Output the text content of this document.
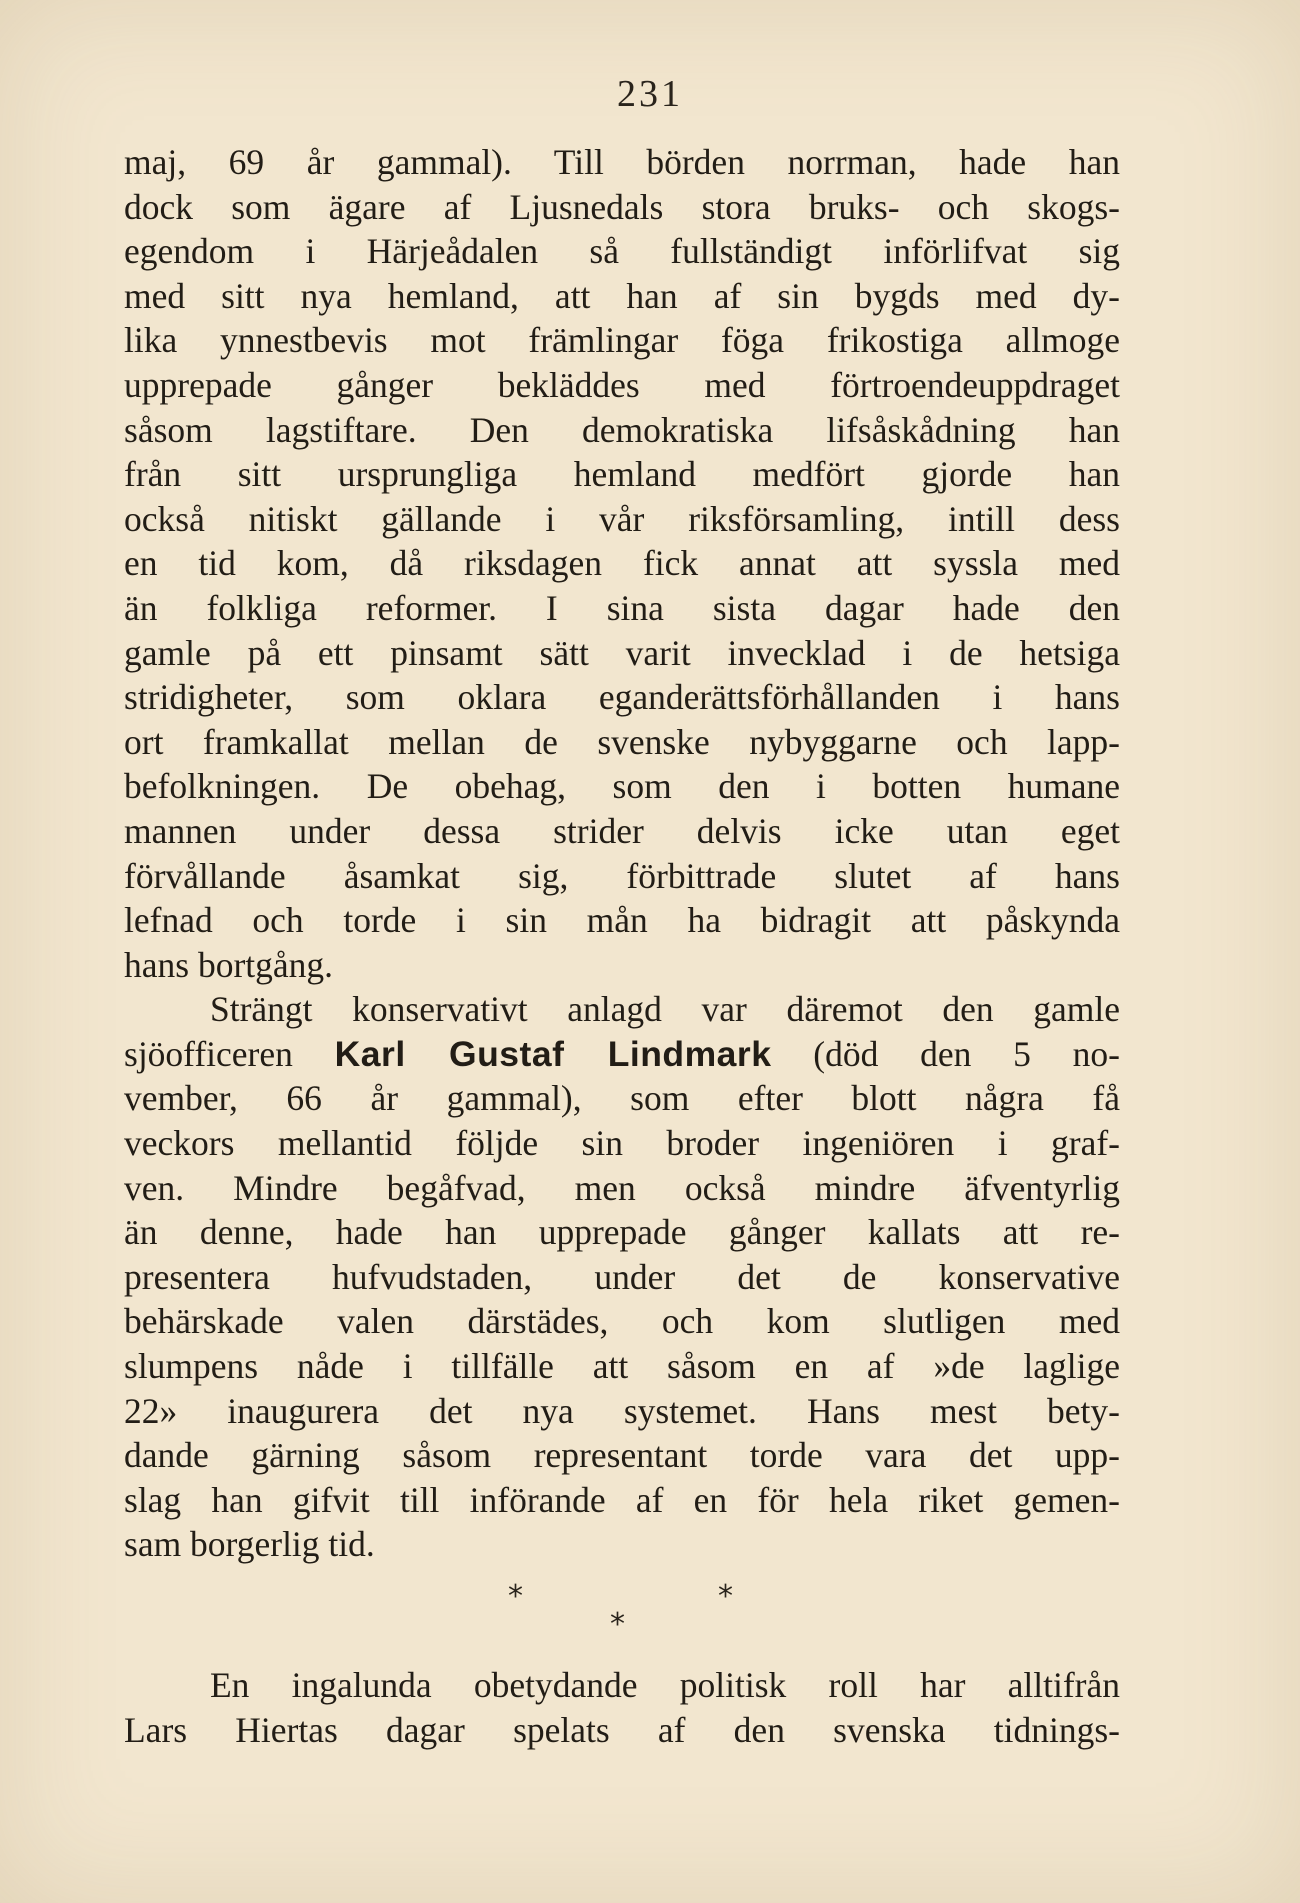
231
maj, 69 år gammal). Till börden norrman, hade han
dock som ägare af Ljusnedals stora bruks- och skogs-
egendom i Härjeådalen så fullständigt införlifvat sig
med sitt nya hemland, att han af sin bygds med dy-
lika ynnestbevis mot främlingar föga frikostiga allmoge
upprepade gånger bekläddes med förtroendeuppdraget
såsom lagstiftare. Den demokratiska lifsåskådning han
från sitt ursprungliga hemland medfört gjorde han
också nitiskt gällande i vår riksförsamling, intill dess
en tid kom, då riksdagen fick annat att syssla med
än folkliga reformer. I sina sista dagar hade den
gamle på ett pinsamt sätt varit invecklad i de hetsiga
stridigheter, som oklara eganderättsförhållanden i hans
ort framkallat mellan de svenske nybyggarne och lapp-
befolkningen. De obehag, som den i botten humane
mannen under dessa strider delvis icke utan eget
förvållande åsamkat sig, förbittrade slutet af hans
lefnad och torde i sin mån ha bidragit att påskynda
hans bortgång.
Strängt konservativt anlagd var däremot den gamle
sjöofficeren Karl Gustaf Lindmark (död den 5 no-
vember, 66 år gammal), som efter blott några få
veckors mellantid följde sin broder ingeniören i graf-
ven. Mindre begåfvad, men också mindre äfventyrlig
än denne, hade han upprepade gånger kallats att re-
presentera hufvudstaden, under det de konservative
behärskade valen därstädes, och kom slutligen med
slumpens nåde i tillfälle att såsom en af »de laglige
22» inaugurera det nya systemet. Hans mest bety-
dande gärning såsom representant torde vara det upp-
slag han gifvit till införande af en för hela riket gemen-
sam borgerlig tid.
*	*
*
En ingalunda obetydande politisk roll har alltifrån
Lars Hiertas dagar spelats af den svenska tidnings-
